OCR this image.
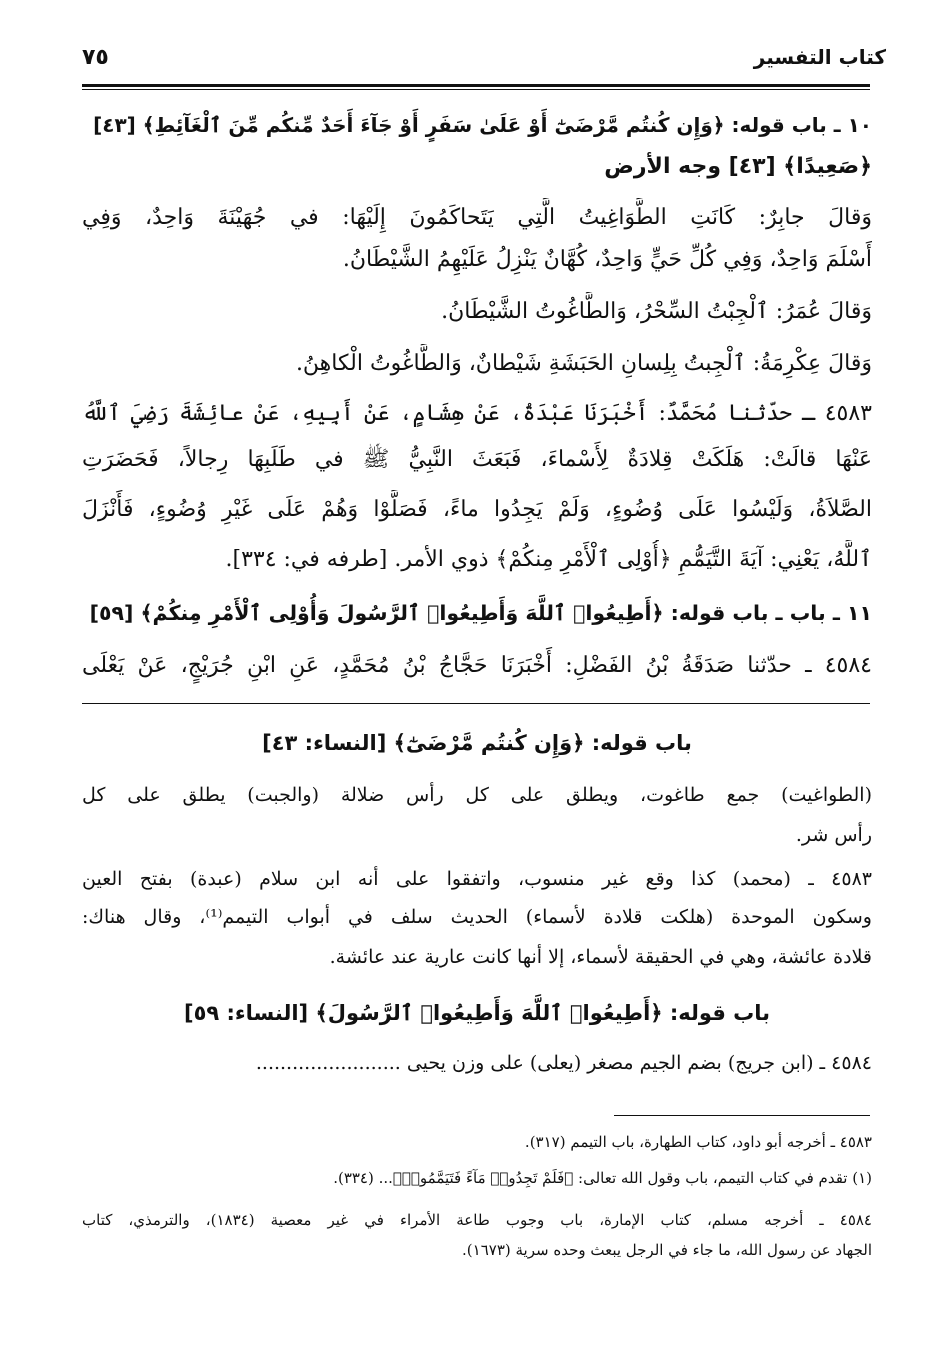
كتاب التفسير
٧٥
١٠ ـ باب قوله: ﴿وَإِن كُنتُم مَّرْضَىٰٓ أَوْ عَلَىٰ سَفَرٍ أَوْ جَآءَ أَحَدٌ مِّنكُم مِّنَ ٱلْغَآئِطِ﴾ [٤٣]
﴿صَعِيدًا﴾ [٤٣] وجه الأرض
وَقالَ جابِرٌ: كَانَتِ الطَّوَاغِيتُ الَّتِي يَتَحاكَمُونَ إِلَيْهَا: في جُهَيْنَةَ وَاحِدٌ، وَفِي
أَسْلَمَ وَاحِدٌ، وَفِي كُلِّ حَيٍّ وَاحِدٌ، كُهَّانٌ يَنْزِلُ عَلَيْهِمُ الشَّيْطَانُ.
وَقالَ عُمَرُ: ٱلْجِبْتُ السِّحْرُ، وَالطَّاغُوتُ الشَّيْطَانُ.
وَقالَ عِكْرِمَةُ: ٱلْجِبتُ بِلِسانِ الحَبَشَةِ شَيْطانٌ، وَالطَّاغُوتُ الْكاهِنُ.
٤٥٨٣ ـ حدّثنا مُحَمَّدٌ: أَخْبَرَنَا عَبْدَةُ، عَنْ هِشَامٍ، عَنْ أَبِيهِ، عَنْ عائِشَةَ رَضِيَ ٱللَّهُ
عَنْهَا قالَتْ: هَلَكَتْ قِلادَةٌ لِأَسْماءَ، فَبَعَثَ النَّبِيُّ ﷺ في طَلَبِهَا رِجالاً، فَحَضَرَتِ
الصَّلاَةُ، وَلَيْسُوا عَلَى وُضُوءٍ، وَلَمْ يَجِدُوا ماءً، فَصَلَّوْا وَهُمْ عَلَى غَيْرِ وُضُوءٍ، فَأَنْزَلَ
ٱللَّهُ، يَعْنِي: آيَةَ التَّيَمُّمِ ﴿أُوْلِى ٱلْأَمْرِ مِنكُمْ﴾ ذوي الأمر. [طرفه في: ٣٣٤].
١١ ـ باب ـ باب قوله: ﴿أَطِيعُوا۟ ٱللَّهَ وَأَطِيعُوا۟ ٱلرَّسُولَ وَأُوْلِى ٱلْأَمْرِ مِنكُمْ﴾ [٥٩]
٤٥٨٤ ـ حدّثنا صَدَقَةُ بْنُ الفَضْلِ: أَخْبَرَنَا حَجَّاجُ بْنُ مُحَمَّدٍ، عَنِ ابْنِ جُرَيْجٍ، عَنْ يَعْلَى
باب قوله: ﴿وَإِن كُنتُم مَّرْضَىٰٓ﴾ [النساء: ٤٣]
(الطواغيت) جمع طاغوت، ويطلق على كل رأس ضلالة (والجبت) يطلق على كل
رأس شر.
٤٥٨٣ ـ (محمد) كذا وقع غير منسوب، واتفقوا على أنه ابن سلام (عبدة) بفتح العين
وسكون الموحدة (هلكت قلادة لأسماء) الحديث سلف في أبواب التيمم⁽¹⁾، وقال هناك:
قلادة عائشة، وهي في الحقيقة لأسماء، إلا أنها كانت عارية عند عائشة.
باب قوله: ﴿أَطِيعُوا۟ ٱللَّهَ وَأَطِيعُوا۟ ٱلرَّسُولَ﴾ [النساء: ٥٩]
٤٥٨٤ ـ (ابن جريج) بضم الجيم مصغر (يعلى) على وزن يحيى ........................
٤٥٨٣ ـ أخرجه أبو داود، كتاب الطهارة، باب التيمم (٣١٧).
(١) تقدم في كتاب التيمم، باب وقول الله تعالى: ﴿فَلَمْ تَجِدُوا۟ مَآءً فَتَيَمَّمُوا۟﴾... (٣٣٤).
٤٥٨٤ ـ أخرجه مسلم، كتاب الإمارة، باب وجوب طاعة الأمراء في غير معصية (١٨٣٤)، والترمذي، كتاب
الجهاد عن رسول الله، ما جاء في الرجل يبعث وحده سرية (١٦٧٣).
